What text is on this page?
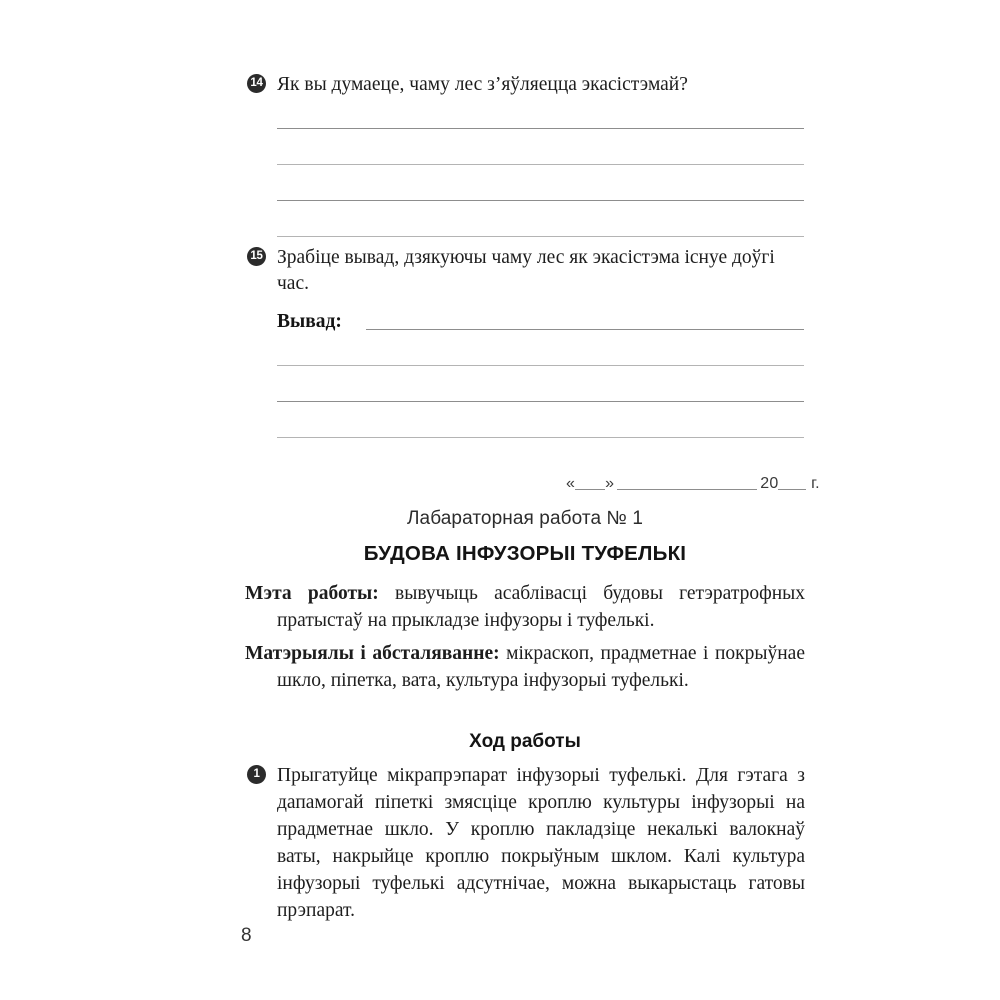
14 Як вы думаеце, чаму лес з’яўляецца экасістэмай?
15 Зрабіце вывад, дзякуючы чаму лес як экасістэма існуе доўгі час.
Вывад:
« »	20 г.
Лабараторная работа № 1
БУДОВА ІНФУЗОРЫІ ТУФЕЛЬКІ
Мэта работы: вывучыць асаблівасці будовы гетэратрофных пратыстаў на прыкладзе інфузоры і туфелькі.
Матэрыялы і абсталяванне: мікраскоп, прадметнае і покрыўнае шкло, піпетка, вата, культура інфузорыі туфелькі.
Ход работы
1 Прыгатуйце мікрапрэпарат інфузорыі туфелькі. Для гэтага з дапамогай піпеткі змясціце кроплю культуры інфузорыі на прадметнае шкло. У кроплю пакладзіце некалькі валокнаў ваты, накрыйце кроплю покрыўным шклом. Калі культура інфузорыі туфелькі адсутнічае, можна выкарыстаць гатовы прэпарат.
8
